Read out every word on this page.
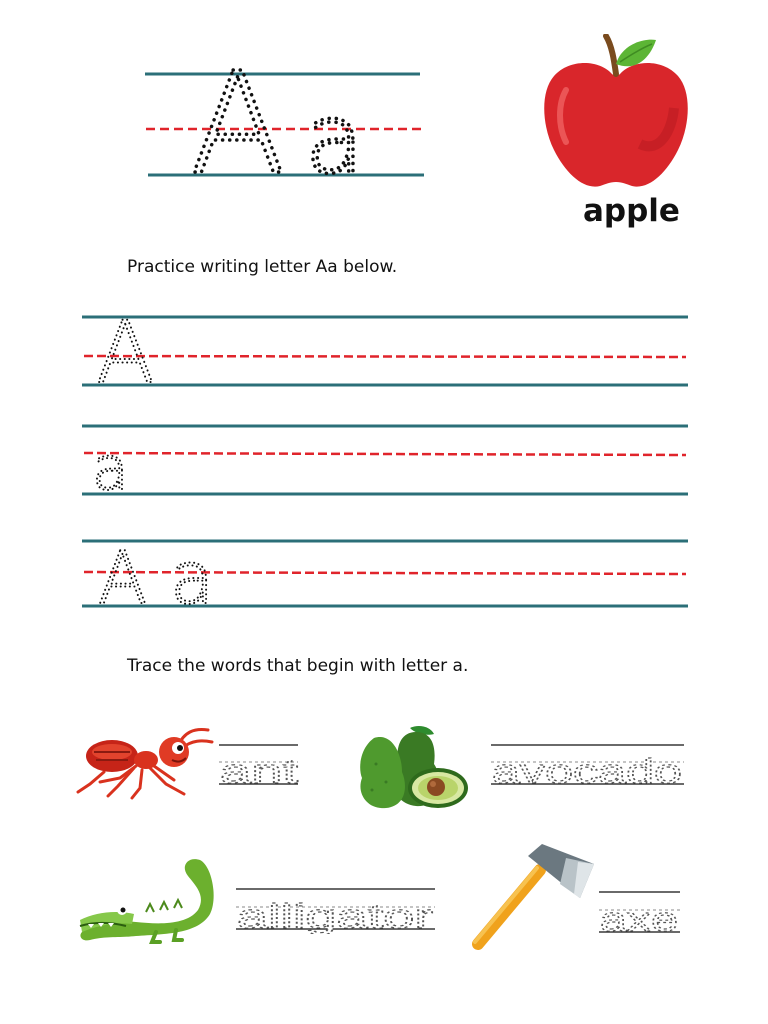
A a
apple
Practice writing letter Aa below.
A
a
A a
Trace the words that begin with letter a.
ant	avocado
alligator	axe
